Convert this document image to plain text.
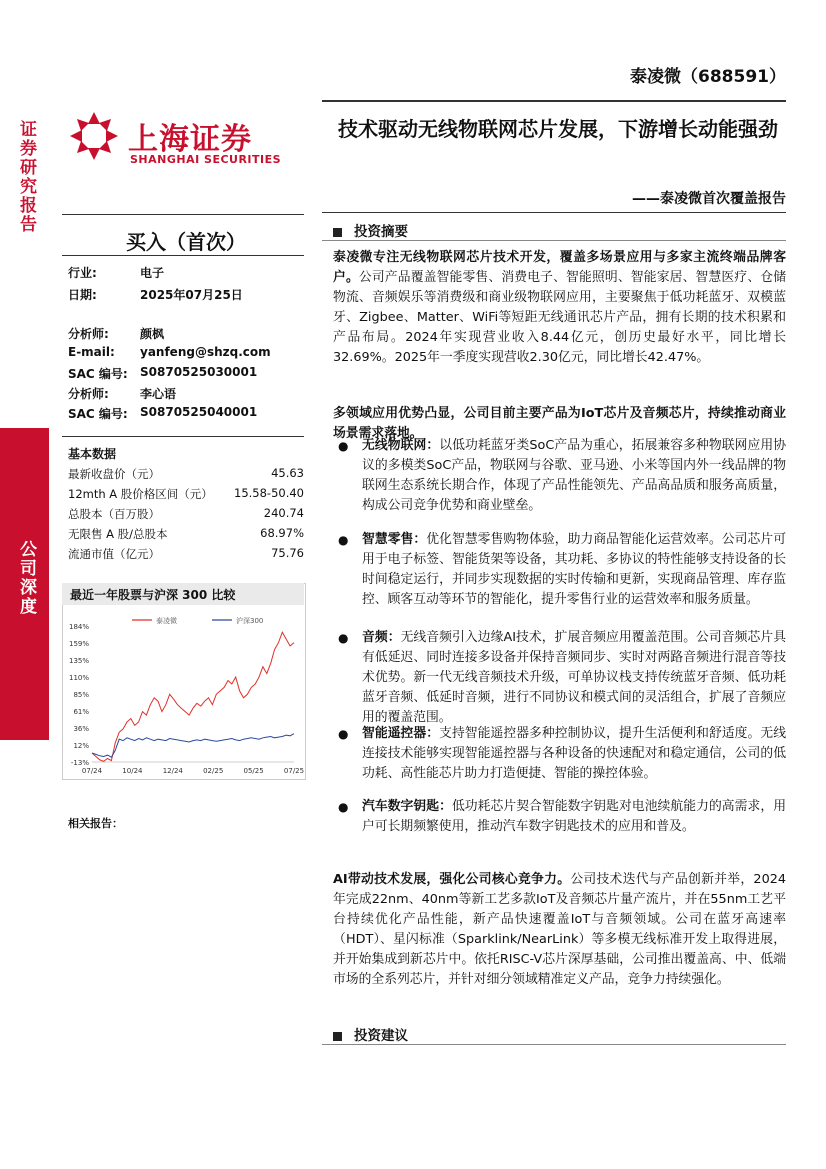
证券研究报告
公司深度
泰凌微（688591）
上海证券
SHANGHAI SECURITIES
技术驱动无线物联网芯片发展，下游增长动能强劲
——泰凌微首次覆盖报告
买入（首次）
行业:	电子
日期:	2025年07月25日
分析师:	颜枫
E-mail: yanfeng@shzq.com
SAC 编号: S0870525030001
分析师:	李心语
SAC 编号: S0870525040001
基本数据
最新收盘价（元）	45.63
12mth A 股价格区间（元） 15.58-50.40
总股本（百万股）	240.74
无限售 A 股/总股本	68.97%
流通市值（亿元）	75.76
最近一年股票与沪深 300 比较
184%
159%
135%
110%
85%
61%
36%
12%
-13%
07/24	10/24	12/24	02/25	05/25	07/25
泰凌微	沪深300
相关报告：
投资摘要
泰凌微专注无线物联网芯片技术开发，覆盖多场景应用与多家主流终端品牌客户。公司产品覆盖智能零售、消费电子、智能照明、智能家居、智慧医疗、仓储物流、音频娱乐等消费级和商业级物联网应用，主要聚焦于低功耗蓝牙、双模蓝牙、Zigbee、Matter、WiFi等短距无线通讯芯片产品，拥有长期的技术积累和产品布局。2024年实现营业收入8.44亿元，创历史最好水平，同比增长32.69%。2025年一季度实现营收2.30亿元，同比增长42.47%。
多领域应用优势凸显，公司目前主要产品为IoT芯片及音频芯片，持续推动商业场景需求落地。
● 无线物联网：以低功耗蓝牙类SoC产品为重心，拓展兼容多种物联网应用协议的多模类SoC产品，物联网与谷歌、亚马逊、小米等国内外一线品牌的物联网生态系统长期合作，体现了产品性能领先、产品高品质和服务高质量，构成公司竞争优势和商业壁垒。
● 智慧零售：优化智慧零售购物体验，助力商品智能化运营效率。公司芯片可用于电子标签、智能货架等设备，其功耗、多协议的特性能够支持设备的长时间稳定运行，并同步实现数据的实时传输和更新，实现商品管理、库存监控、顾客互动等环节的智能化，提升零售行业的运营效率和服务质量。
● 音频：无线音频引入边缘AI技术，扩展音频应用覆盖范围。公司音频芯片具有低延迟、同时连接多设备并保持音频同步、实时对两路音频进行混音等技术优势。新一代无线音频技术升级，可单协议栈支持传统蓝牙音频、低功耗蓝牙音频、低延时音频，进行不同协议和模式间的灵活组合，扩展了音频应用的覆盖范围。
● 智能遥控器：支持智能遥控器多种控制协议，提升生活便利和舒适度。无线连接技术能够实现智能遥控器与各种设备的快速配对和稳定通信，公司的低功耗、高性能芯片助力打造便捷、智能的操控体验。
● 汽车数字钥匙：低功耗芯片契合智能数字钥匙对电池续航能力的高需求，用户可长期频繁使用，推动汽车数字钥匙技术的应用和普及。
AI带动技术发展，强化公司核心竞争力。公司技术迭代与产品创新并举，2024年完成22nm、40nm等新工艺多款IoT及音频芯片量产流片，并在55nm工艺平台持续优化产品性能，新产品快速覆盖IoT与音频领域。公司在蓝牙高速率（HDT）、星闪标准（Sparklink/NearLink）等多模无线标准开发上取得进展，并开始集成到新芯片中。依托RISC-V芯片深厚基础，公司推出覆盖高、中、低端市场的全系列芯片，并针对细分领域精准定义产品，竞争力持续强化。
投资建议
